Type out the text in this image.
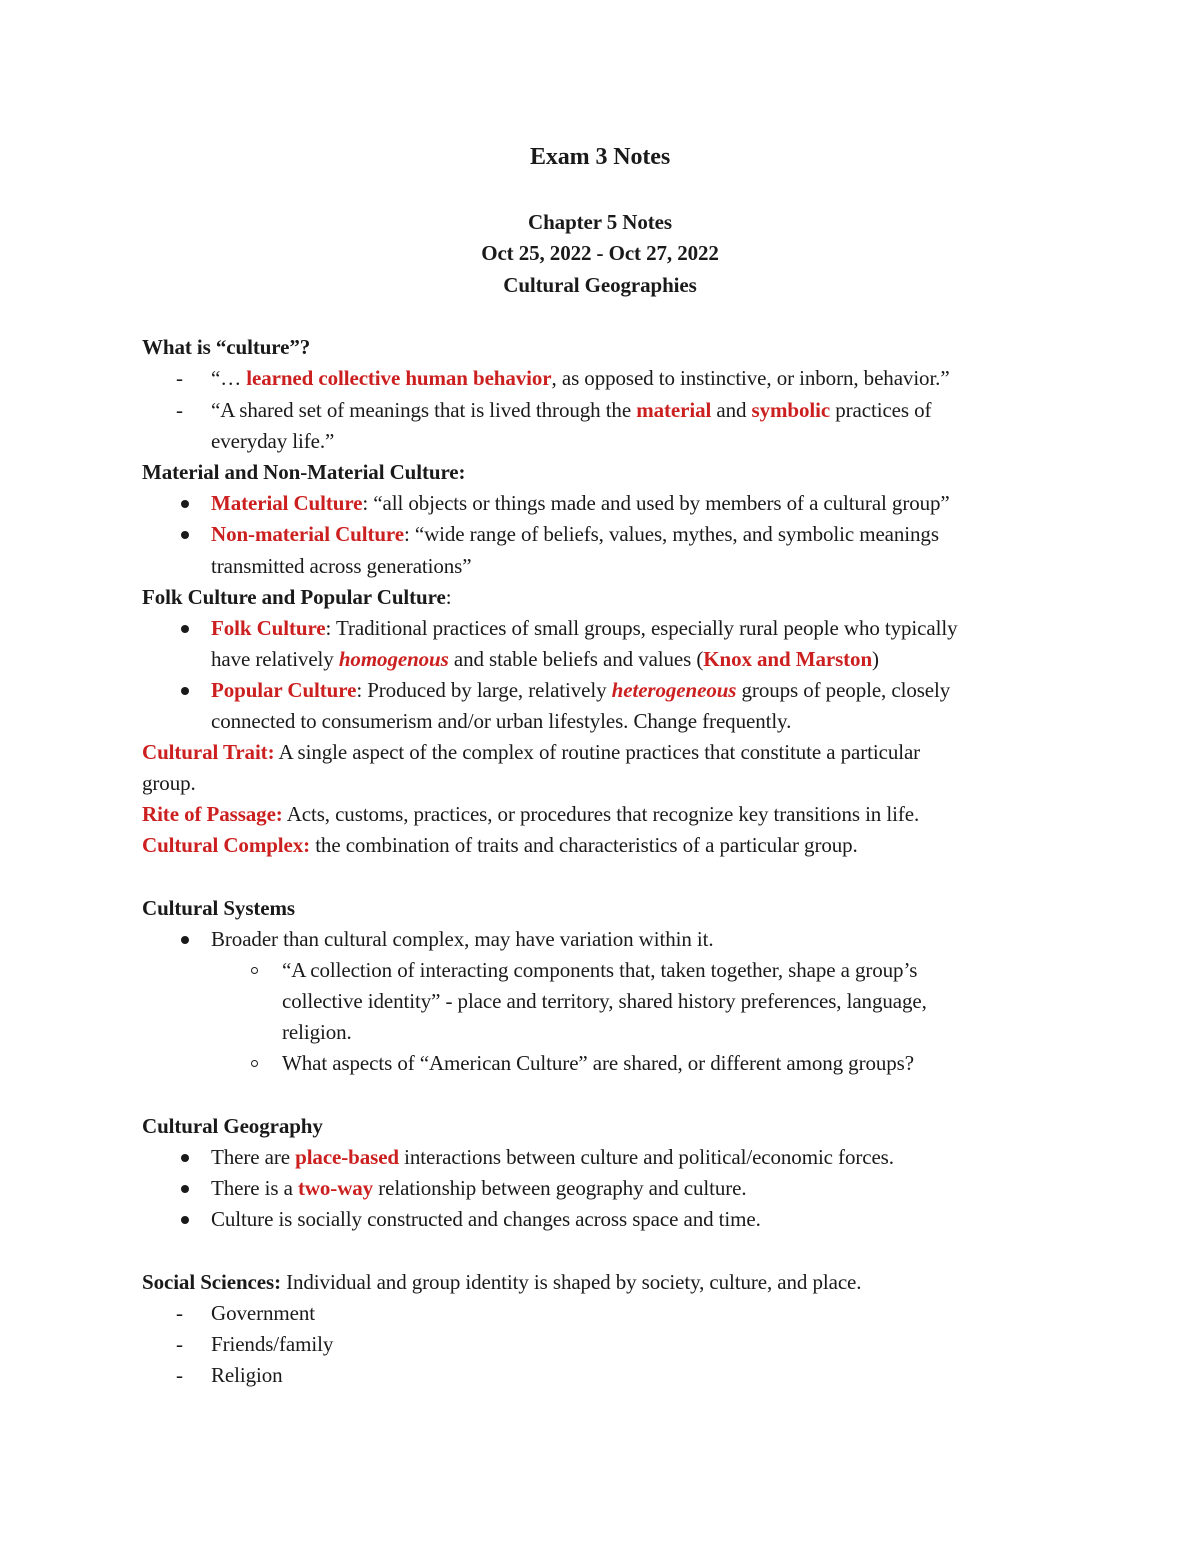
Exam 3 Notes
Chapter 5 Notes
Oct 25, 2022 - Oct 27, 2022
Cultural Geographies
What is “culture”?
- “… learned collective human behavior, as opposed to instinctive, or inborn, behavior.”
- “A shared set of meanings that is lived through the material and symbolic practices of
everyday life.”
Material and Non-Material Culture:
Material Culture: “all objects or things made and used by members of a cultural group”
Non-material Culture: “wide range of beliefs, values, mythes, and symbolic meanings
transmitted across generations”
Folk Culture and Popular Culture:
Folk Culture: Traditional practices of small groups, especially rural people who typically
have relatively homogenous and stable beliefs and values (Knox and Marston)
Popular Culture: Produced by large, relatively heterogeneous groups of people, closely
connected to consumerism and/or urban lifestyles. Change frequently.
Cultural Trait: A single aspect of the complex of routine practices that constitute a particular
group.
Rite of Passage: Acts, customs, practices, or procedures that recognize key transitions in life.
Cultural Complex: the combination of traits and characteristics of a particular group.
Cultural Systems
Broader than cultural complex, may have variation within it.
“A collection of interacting components that, taken together, shape a group’s
collective identity” - place and territory, shared history preferences, language,
religion.
What aspects of “American Culture” are shared, or different among groups?
Cultural Geography
There are place-based interactions between culture and political/economic forces.
There is a two-way relationship between geography and culture.
Culture is socially constructed and changes across space and time.
Social Sciences: Individual and group identity is shaped by society, culture, and place.
- Government
- Friends/family
- Religion
